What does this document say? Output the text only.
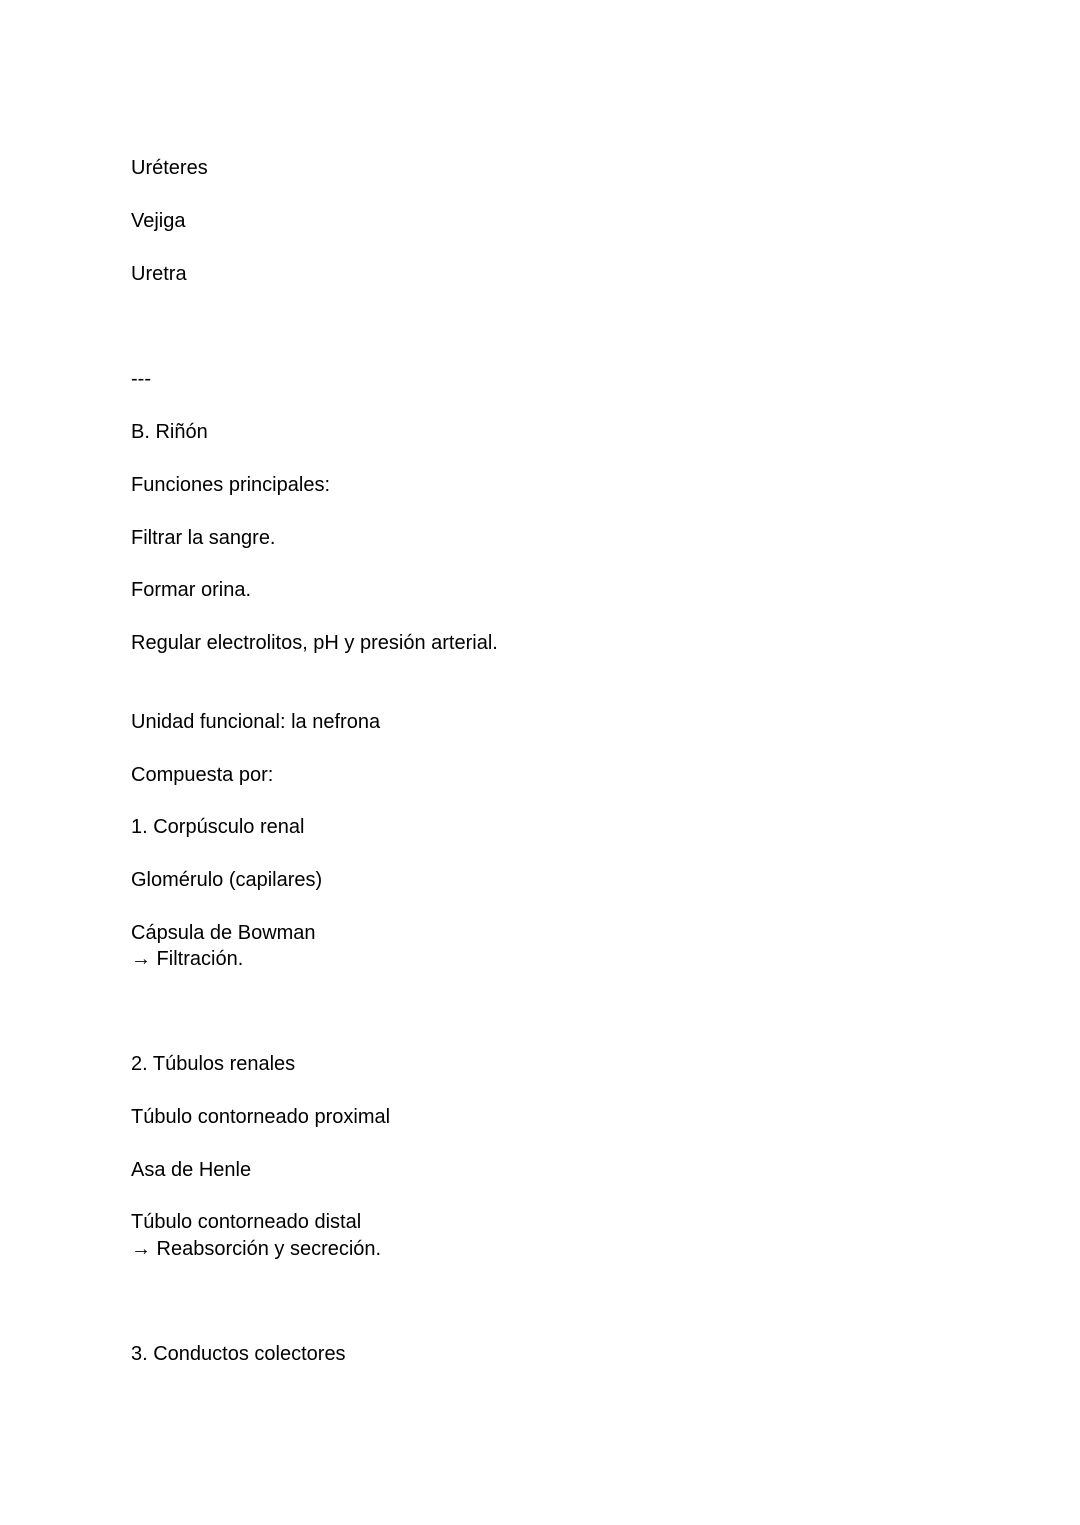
Uréteres
Vejiga
Uretra
---
B. Riñón
Funciones principales:
Filtrar la sangre.
Formar orina.
Regular electrolitos, pH y presión arterial.
Unidad funcional: la nefrona
Compuesta por:
1. Corpúsculo renal
Glomérulo (capilares)
Cápsula de Bowman
→ Filtración.
2. Túbulos renales
Túbulo contorneado proximal
Asa de Henle
Túbulo contorneado distal
→ Reabsorción y secreción.
3. Conductos colectores
